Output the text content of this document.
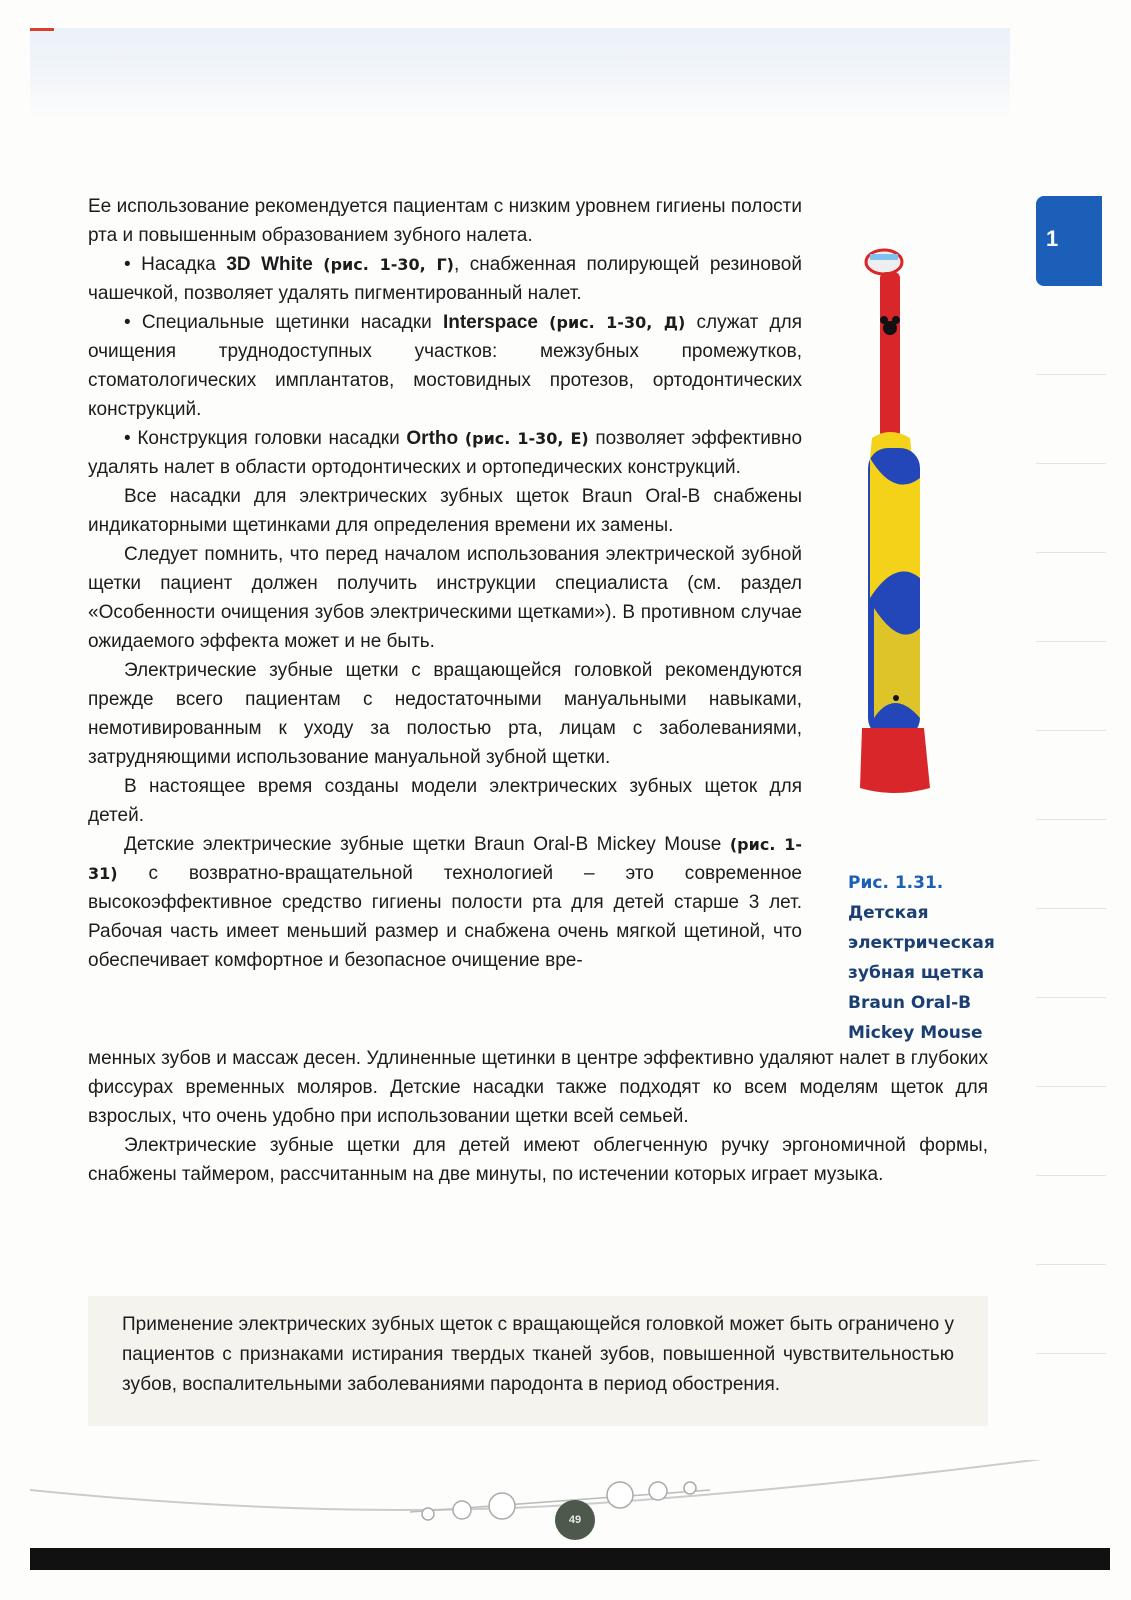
1

Ее использование рекомендуется пациентам с низким уровнем гигиены полости рта и повышенным образованием зубного налета.

• Насадка 3D White (рис. 1-30, Г), снабженная полирующей резиновой чашечкой, позволяет удалять пигментированный налет.

• Специальные щетинки насадки Interspace (рис. 1-30, Д) служат для очищения труднодоступных участков: межзубных промежутков, стоматологических имплантатов, мостовидных протезов, ортодонтических конструкций.

• Конструкция головки насадки Ortho (рис. 1-30, Е) позволяет эффективно удалять налет в области ортодонтических и ортопедических конструкций.

Все насадки для электрических зубных щеток Braun Oral-B снабжены индикаторными щетинками для определения времени их замены.

Следует помнить, что перед началом использования электрической зубной щетки пациент должен получить инструкции специалиста (см. раздел «Особенности очищения зубов электрическими щетками»). В противном случае ожидаемого эффекта может и не быть.

Электрические зубные щетки с вращающейся головкой рекомендуются прежде всего пациентам с недостаточными мануальными навыками, немотивированным к уходу за полостью рта, лицам с заболеваниями, затрудняющими использование мануальной зубной щетки.

В настоящее время созданы модели электрических зубных щеток для детей.

Детские электрические зубные щетки Braun Oral-B Mickey Mouse (рис. 1-31) с возвратно-вращательной технологией – это современное высокоэффективное средство гигиены полости рта для детей старше 3 лет. Рабочая часть имеет меньший размер и снабжена очень мягкой щетиной, что обеспечивает комфортное и безопасное очищение вре-

менных зубов и массаж десен. Удлиненные щетинки в центре эффективно удаляют налет в глубоких фиссурах временных моляров. Детские насадки также подходят ко всем моделям щеток для взрослых, что очень удобно при использовании щетки всей семьей.

Электрические зубные щетки для детей имеют облегченную ручку эргономичной формы, снабжены таймером, рассчитанным на две минуты, по истечении которых играет музыка.

Рис. 1.31.
Детская
электрическая
зубная щетка
Braun Oral-B
Mickey Mouse
Применение электрических зубных щеток с вращающейся головкой может быть ограничено у пациентов с признаками истирания твердых тканей зубов, повышенной чувствительностью зубов, воспалительными заболеваниями пародонта в период обострения.
49
